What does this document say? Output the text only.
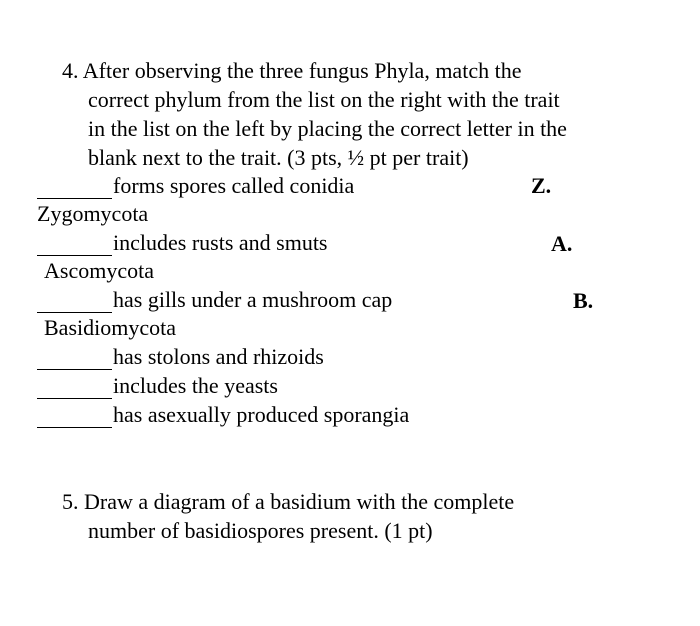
4. After observing the three fungus Phyla, match the
correct phylum from the list on the right with the trait
in the list on the left by placing the correct letter in the
blank next to the trait. (3 pts, ½ pt per trait)
forms spores called conidia
includes rusts and smuts
has gills under a mushroom cap
has stolons and rhizoids
includes the yeasts
has asexually produced sporangia
Z.
A.
B.
Zygomycota
Ascomycota
Basidiomycota
5. Draw a diagram of a basidium with the complete
number of basidiospores present. (1 pt)
